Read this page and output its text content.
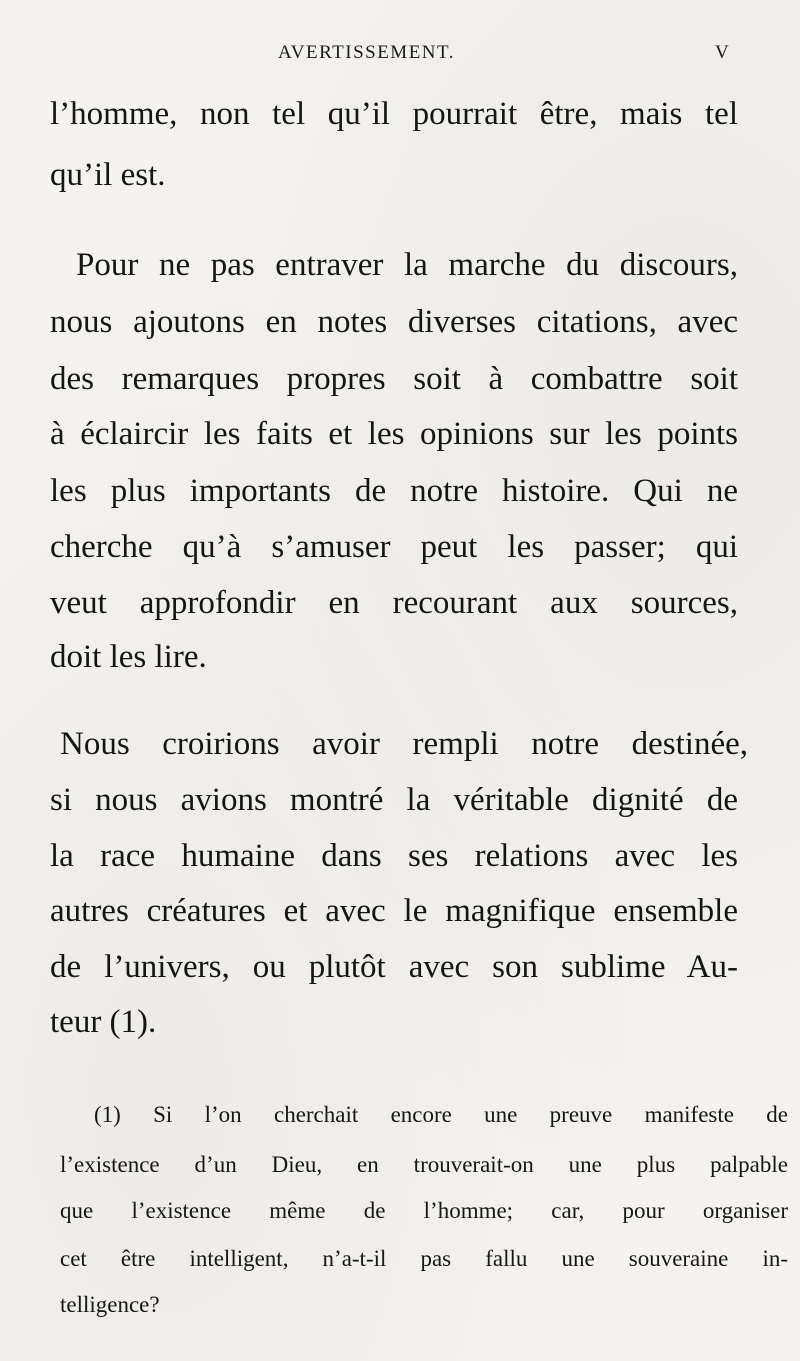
AVERTISSEMENT.	V
l’homme, non tel qu’il pourrait être, mais tel
qu’il est.
Pour ne pas entraver la marche du discours,
nous ajoutons en notes diverses citations, avec
des remarques propres soit à combattre soit
à éclaircir les faits et les opinions sur les points
les plus importants de notre histoire. Qui ne
cherche qu’à s’amuser peut les passer; qui
veut approfondir en recourant aux sources,
doit les lire.
Nous croirions avoir rempli notre destinée,
si nous avions montré la véritable dignité de
la race humaine dans ses relations avec les
autres créatures et avec le magnifique ensemble
de l’univers, ou plutôt avec son sublime Au-
teur (1).
(1) Si l’on cherchait encore une preuve manifeste de
l’existence d’un Dieu, en trouverait-on une plus palpable
que l’existence même de l’homme; car, pour organiser
cet être intelligent, n’a-t-il pas fallu une souveraine in-
telligence?
